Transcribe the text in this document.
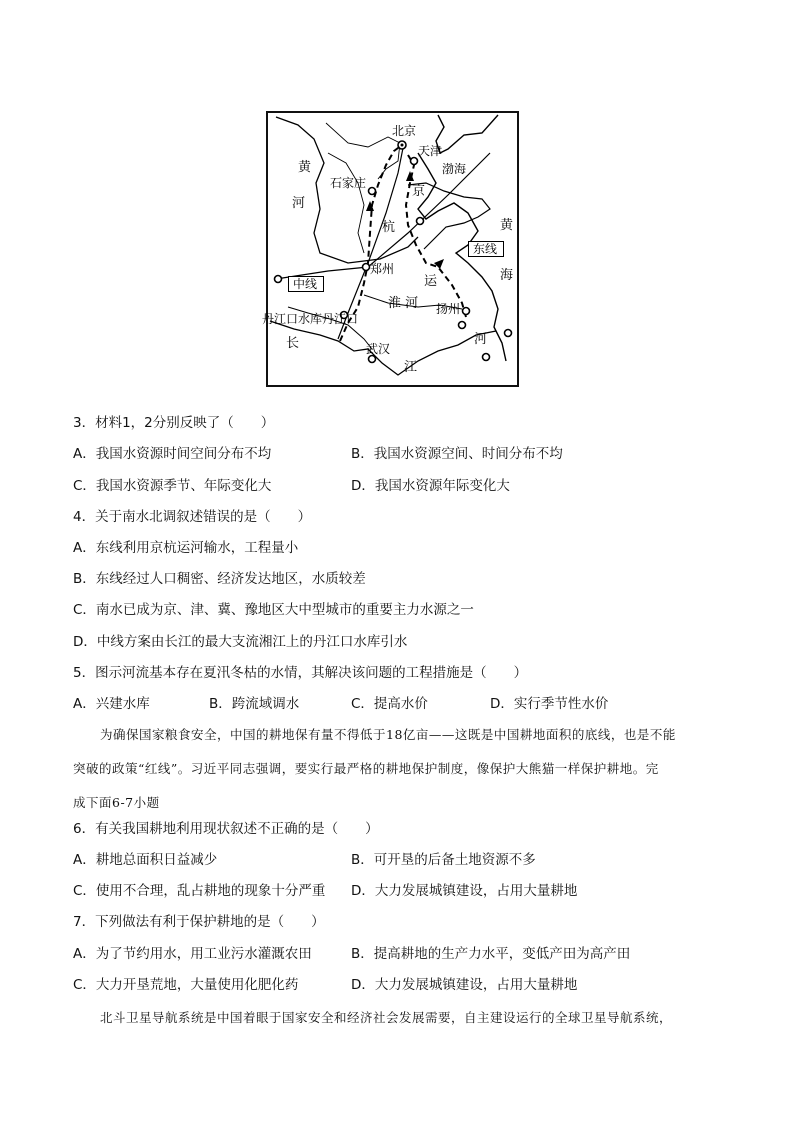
北京
天津
渤海
石家庄
黄
河
京
杭
运
河
黄
海
东线
中线
郑州
淮 河 扬州
丹江口水库丹江口
长	武汉
江
3．材料1，2分别反映了（　　）
A．我国水资源时间空间分布不均	B．我国水资源空间、时间分布不均
C．我国水资源季节、年际变化大	D．我国水资源年际变化大
4．关于南水北调叙述错误的是（　　）
A．东线利用京杭运河输水，工程量小
B．东线经过人口稠密、经济发达地区，水质较差
C．南水已成为京、津、冀、豫地区大中型城市的重要主力水源之一
D．中线方案由长江的最大支流湘江上的丹江口水库引水
5．图示河流基本存在夏汛冬枯的水情，其解决该问题的工程措施是（　　）
A．兴建水库	B．跨流域调水	C．提高水价	D．实行季节性水价
为确保国家粮食安全，中国的耕地保有量不得低于18亿亩——这既是中国耕地面积的底线，也是不能
突破的政策“红线”。习近平同志强调，要实行最严格的耕地保护制度，像保护大熊猫一样保护耕地。完
成下面6-7小题
6．有关我国耕地利用现状叙述不正确的是（　　）
A．耕地总面积日益减少	B．可开垦的后备土地资源不多
C．使用不合理，乱占耕地的现象十分严重 D．大力发展城镇建设，占用大量耕地
7．下列做法有利于保护耕地的是（　　）
A．为了节约用水，用工业污水灌溉农田	B．提高耕地的生产力水平，变低产田为高产田
C．大力开垦荒地，大量使用化肥化药	D．大力发展城镇建设，占用大量耕地
北斗卫星导航系统是中国着眼于国家安全和经济社会发展需要，自主建设运行的全球卫星导航系统，
